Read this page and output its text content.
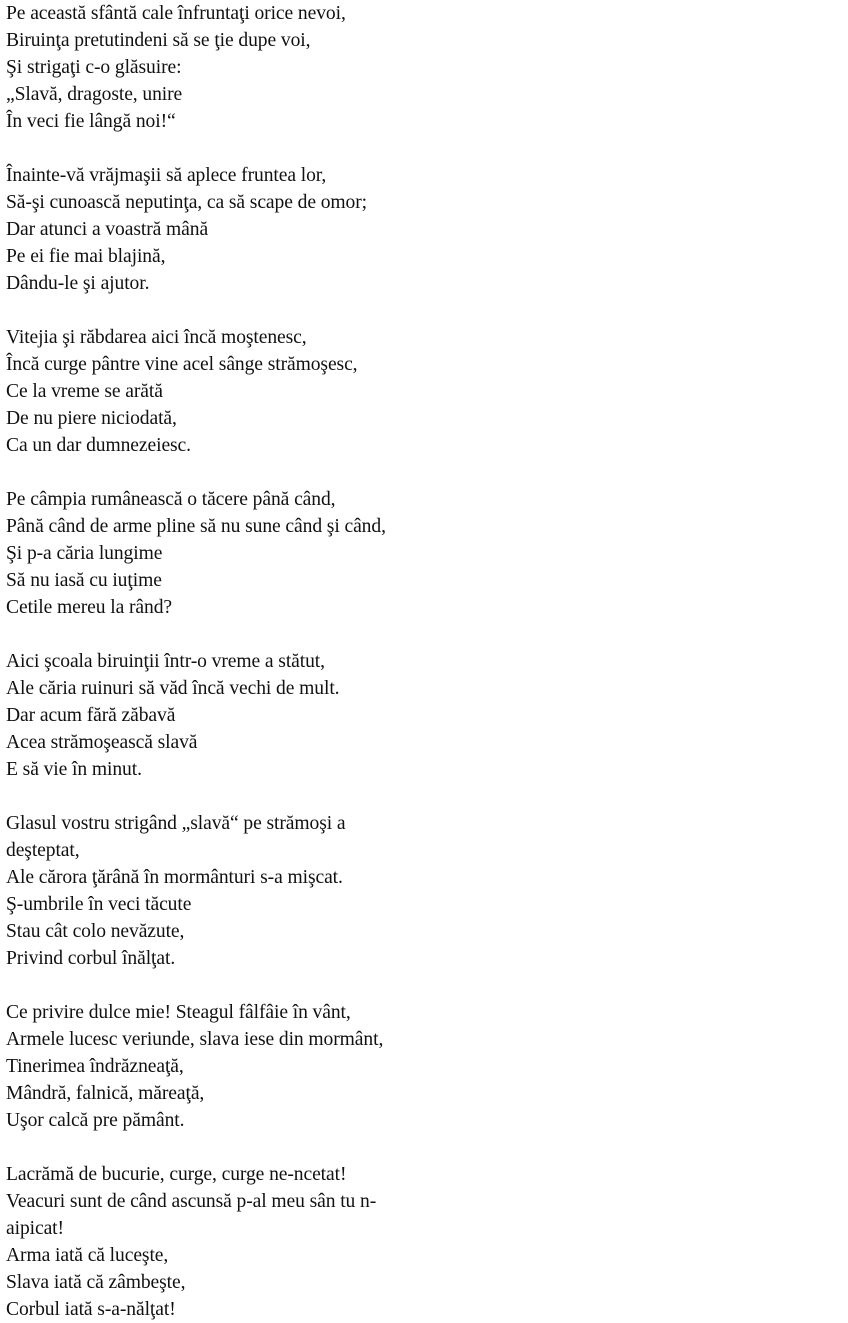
Pe această sfântă cale înfruntaţi orice nevoi,
Biruinţa pretutindeni să se ţie dupe voi,
Şi strigaţi c-o glăsuire:
„Slavă, dragoste, unire
În veci fie lângă noi!“
Înainte-vă vrăjmaşii să aplece fruntea lor,
Să-şi cunoască neputinţa, ca să scape de omor;
Dar atunci a voastră mână
Pe ei fie mai blajină,
Dându-le şi ajutor.
Vitejia şi răbdarea aici încă moştenesc,
Încă curge pântre vine acel sânge strămoşesc,
Ce la vreme se arătă
De nu piere niciodată,
Ca un dar dumnezeiesc.
Pe câmpia rumânească o tăcere până când,
Până când de arme pline să nu sune când şi când,
Şi p-a căria lungime
Să nu iasă cu iuţime
Cetile mereu la rând?
Aici şcoala biruinţii într-o vreme a stătut,
Ale căria ruinuri să văd încă vechi de mult.
Dar acum fără zăbavă
Acea strămoşească slavă
E să vie în minut.
Glasul vostru strigând „slavă“ pe strămoşi a
deşteptat,
Ale cărora ţărână în mormânturi s-a mişcat.
Ş-umbrile în veci tăcute
Stau cât colo nevăzute,
Privind corbul înălţat.
Ce privire dulce mie! Steagul fâlfâie în vânt,
Armele lucesc veriunde, slava iese din mormânt,
Tinerimea îndrăzneaţă,
Mândră, falnică, măreaţă,
Uşor calcă pre pământ.
Lacrămă de bucurie, curge, curge ne-ncetat!
Veacuri sunt de când ascunsă p-al meu sân tu n-
aipicat!
Arma iată că luceşte,
Slava iată că zâmbeşte,
Corbul iată s-a-nălţat!
